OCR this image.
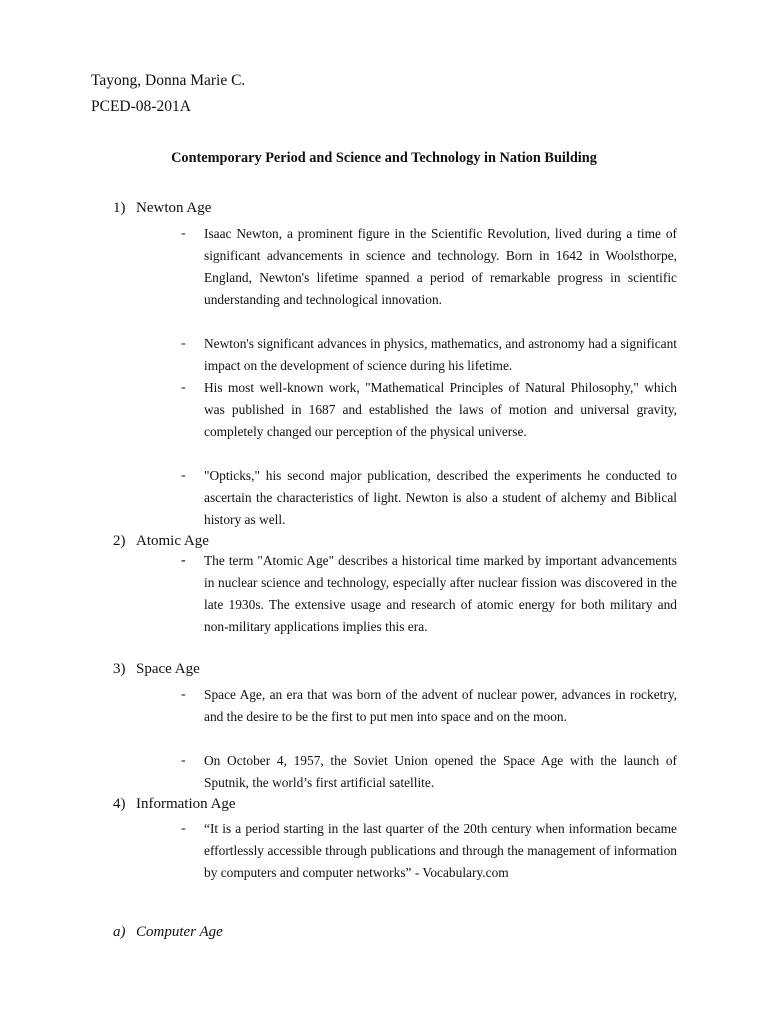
Tayong, Donna Marie C.
PCED-08-201A
Contemporary Period and Science and Technology in Nation Building
1) Newton Age
- Isaac Newton, a prominent figure in the Scientific Revolution, lived during a time of significant advancements in science and technology. Born in 1642 in Woolsthorpe, England, Newton's lifetime spanned a period of remarkable progress in scientific understanding and technological innovation.
- Newton's significant advances in physics, mathematics, and astronomy had a significant impact on the development of science during his lifetime.
- His most well-known work, "Mathematical Principles of Natural Philosophy," which was published in 1687 and established the laws of motion and universal gravity, completely changed our perception of the physical universe.
- "Opticks," his second major publication, described the experiments he conducted to ascertain the characteristics of light. Newton is also a student of alchemy and Biblical history as well.
2) Atomic Age
- The term "Atomic Age" describes a historical time marked by important advancements in nuclear science and technology, especially after nuclear fission was discovered in the late 1930s. The extensive usage and research of atomic energy for both military and non-military applications implies this era.
3) Space Age
- Space Age, an era that was born of the advent of nuclear power, advances in rocketry, and the desire to be the first to put men into space and on the moon.
- On October 4, 1957, the Soviet Union opened the Space Age with the launch of Sputnik, the world’s first artificial satellite.
4) Information Age
- “It is a period starting in the last quarter of the 20th century when information became effortlessly accessible through publications and through the management of information by computers and computer networks” - Vocabulary.com
a) Computer Age
